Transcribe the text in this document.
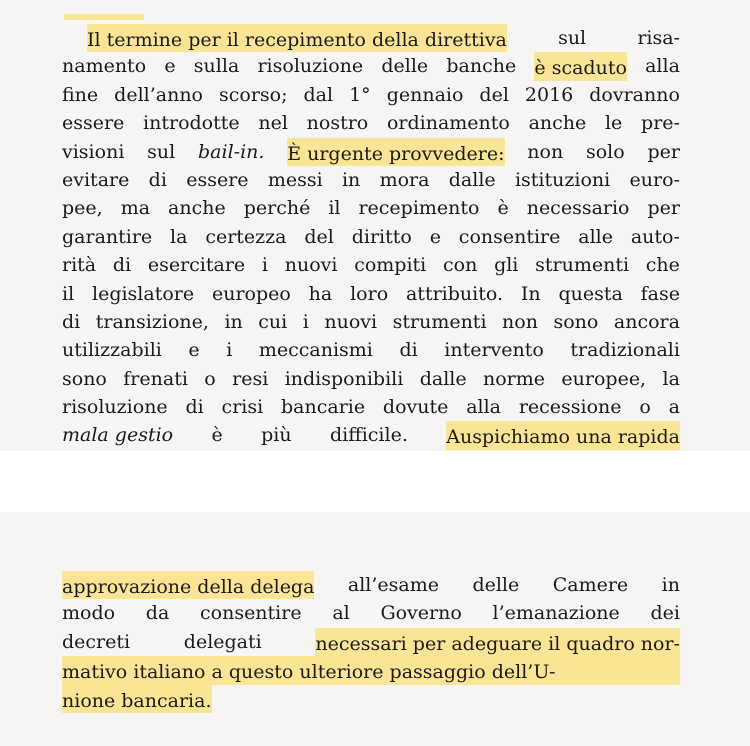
Il termine per il recepimento della direttiva	sul	risa-
namento e sulla risoluzione delle banche è scaduto alla
fine dell’anno scorso; dal 1° gennaio del 2016 dovranno
essere introdotte nel nostro ordinamento anche le pre-
visioni sul bail-in. È urgente provvedere: non solo per
evitare di essere messi in mora dalle istituzioni euro-
pee, ma anche perché il recepimento è necessario per
garantire la certezza del diritto e consentire alle auto-
rità di esercitare i nuovi compiti con gli strumenti che
il legislatore europeo ha loro attribuito. In questa fase
di transizione, in cui i nuovi strumenti non sono ancora
utilizzabili e i meccanismi di intervento tradizionali
sono frenati o resi indisponibili dalle norme europee, la
risoluzione di crisi bancarie dovute alla recessione o a
mala gestio è più difficile. Auspichiamo una rapida
approvazione della delega all’esame delle Camere in
modo da consentire al Governo l’emanazione dei
decreti	delegati	necessari per adeguare il quadro nor-
mativo italiano a questo ulteriore passaggio dell’U-
nione bancaria.
